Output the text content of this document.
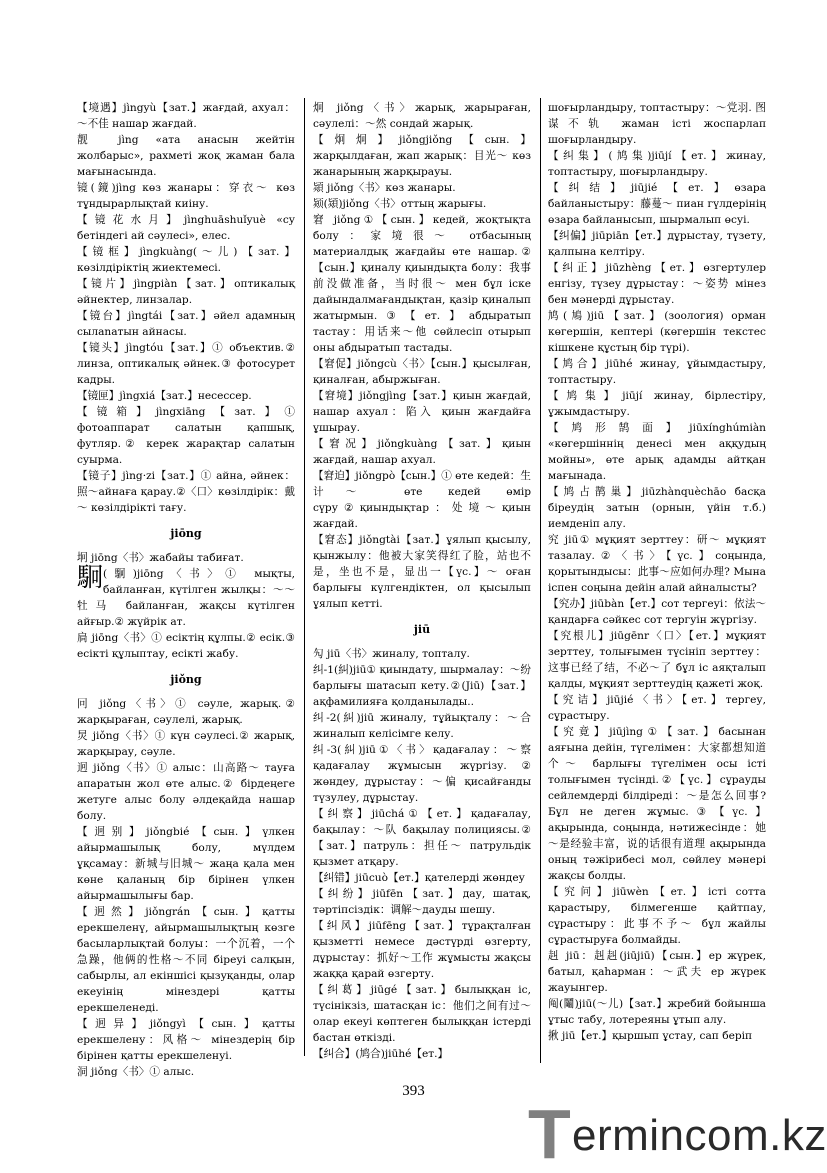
【境遇】jìngyù【зат.】жағдай, ахуал：～不佳 нашар жағдай.

靓 jìng «ата анасын жейтін жолбарыс», рахметі жоқ жаман бала мағынасында.

镜(鏡)jìng көз жанары：穿衣～ көз тұндырарлықтай киіну.

【镜花水月】jìnghuāshuǐyuè «су бетіндегі ай сәулесі», елес.

【镜框】jìngkuàng(～儿)【зат.】көзілдіріктің жиектемесі.

【镜片】jìngpiàn【зат.】оптикалық әйнектер, линзалар.

【镜台】jìngtái【зат.】әйел адамның сылаnатын айнасы.

【镜头】jìngtóu【зат.】① объектив.② линза, оптикалық әйнек.③ фотосурет кадры.

【镜匣】jìngxiá【зат.】несессер.

【镜箱】jìngxiāng【зат.】① фотоаппарат салатын қапшық, футляр.② керек жарақтар салатын суырма.

【镜子】jìng·zi【зат.】① айна, әйнек：照～айнаға қарау.②〈口〉көзілдірік：戴～ көзілдірікті тағу.

jiōng

坰 jiōng〈书〉жабайы табиғат.

駉 (駉)jiōng〈书〉① мықты, байланған, күтілген жылқы：～～牡马 байланған, жақсы күтілген айғыр.② жүйрік ат.

扃 jiōng〈书〉① есіктің құлпы.② есік.③ есікті құлыптау, есікті жабу.

jiǒng

冋 jiǒng〈书〉① сәуле, жарық.② жарқыраған, сәулелі, жарық.

炅 jiǒng〈书〉① күн сәулесі.② жарық, жарқырау, сәуле.

迥 jiǒng〈书〉① алыс：山高路～ тауға апаратын жол өте алыс.② бірдеңеге жетуге алыс болу әлдеқайда нашар болу.

【迥别】jiǒngbié【сын.】үлкен айырмашылық болу, мүлдем ұқсамау：新城与旧城～ жаңа қала мен көне қаланың бір бірінен үлкен айырмашылығы бар.

【迥然】jiǒngrán【сын.】қатты ерекшеленү, айырмашылықтың көзге басыларлықтай болуы：一个沉着，一个急躁，他俩的性格～不同 біреуі салқын, сабырлы, ал екіншісі қызуқанды, олар екеуінің мінездері қатты ерекшеленеді.

【迥异】jiǒngyì【сын.】қатты ерекшелену：风格～ мінездерің бір бірінен қатты ерекшеленуі.

洞 jiǒng〈书〉① алыс.

炯 jiǒng〈书〉жарық, жарыраған, сәулелі：～然 сондай жарық.

【炯炯】jiǒngjiǒng【сын.】жарқылдаған, жап жарық：目光～ көз жанарының жарқырауы.

熲 jiǒng〈书〉көз жанары.

颎(熲)jiǒng〈书〉оттың жарығы.

窘 jiǒng①【сын.】кедей, жоқтықта болу：家境很～ отбасының материалдық жағдайы өте нашар.②【сын.】қиналу қиындықта болу：我事前没做准备，当时很～ мен бұл іске дайындалмағандықтан, қазір қиналып жатырмын.③【ет.】абдыратып тастау：用话来～他 сөйлесіп отырып оны абдыратып тастады.

【窘促】jiǒngcù〈书〉【сын.】қысылған, қиналған, абыржыған.

【窘境】jiǒngjìng【зат.】қиын жағдай, нашар ахуал：陷入 қиын жағдайға ұшырау.

【窘况】jiǒngkuàng【зат.】қиын жағдай, нашар ахуал.

【窘迫】jiǒngpò【сын.】① өте кедей：生计～ өте кедей өмір сүру②қиындықтар：处境～қиын жағдай.

【窘态】jiǒngtài【зат.】ұялып қысылу, қынжылу：他被大家笑得红了脸，站也不是，坐也不是，显出一【үс.】～ оған барлығы күлгендіктен, ол қысылып ұялып кетті.

jiū

勼 jiū〈书〉жиналу, топталу.

纠-1(糾)jiū① қиындату, шырмалау：～纷 барлығы шатасып кету.②(Jiū)【зат.】ақфамилияға қолданылады..

纠-2(糾)jiū жиналу, тұйықталу：～合 жиналып келісімге келу.

纠-3(糾)jiū①〈书〉қадағалау：～察 қадағалау жұмысын жүргізу.② жөндеу, дұрыстау：～偏 қисайғанды түзулеу, дұрыстау.

【纠察】jiūchá①【ет.】қадағалау, бақылау：～队 бақылау полициясы.②【зат.】патруль：担任～ патрульдік қызмет атқару.

【纠错】jiūcuò【ет.】қателерді жөндеу

【纠纷】jiūfēn【зат.】дау, шатақ, тәртіпсіздік：调解～дауды шешу.

【纠风】jiūfēng【зат.】тұрақталған қызметті немесе дәстүрді өзгерту, дұрыстау：抓好～工作 жұмысты жақсы жаққа қарай өзгерту.

【纠葛】jiūgé【зат.】былыққан іс, түсінікзіз, шатасқан іс：他们之间有过～ олар екеуі көптеген былыққан істерді бастан өткізді.

【纠合】(鸠合)jiūhé【ет.】

шоғырландыру, топтастыру：～党羽. 图谋不轨 жаман істі жоспарлап шоғырландыру.

【纠集】(鸠集)jiūjí【ет.】жинау, топтастыру, шоғырландыру.

【纠结】jiūjié【ет.】өзара байланыстыру：藤蔓～ пиан гүлдерінің өзара байланысып, шырмалып өсуі.

【纠偏】jiūpiān【ет.】дұрыстау, түзету, қалпына келтіру.

【纠正】jiūzhèng【ет.】өзгертулер енгізу, түзеу дұрыстау：～姿势 мінез бен мәнерді дұрыстау.

鸠(鳩)jiū【зат.】(зоология) орман көгершін, кептері (көгершін текстес кішкене құстың бір түрі).

【鸠合】jiūhé жинау, ұйымдастыру, топтастыру.

【鸠集】jiūjí жинау, бірлестіру, ұжымдастыру.

【鸠形鹄面】jiūxínghúmiàn «көгершіннің денесі мен аққудың мойны», өте арық адамды айтқан мағынада.

【鸠占鹊巢】jiūzhànquèchāo басқа біреудің затын (орнын, үйін т.б.) иемденіп алу.

究 jiū① мұқият зерттеу：研～ мұқият тазалау.②〈书〉【үс.】соңында, қорытындысы：此事～应如何办理? Мына іспен соңына дейін алай айналысты?

【究办】jiūbàn【ет.】сот тергеуі：依法～ қандарға сәйкес сот тергуін жүргізу.

【究根儿】jiūgēnr〈口〉【ет.】мұқият зерттеу, толығымен түсініп зерттеу：这事已经了结，不必～了 бұл іс аяқталып қалды, мұқият зерттеудің қажеті жоқ.

【究诘】jiūjié〈书〉【ет.】тергеу, сұрастыру.

【究竟】jiūjìng①【зат.】басынан аяғына дейін, түгелімен：大家都想知道个～ барлығы түгелімен осы істі толығымен түсінді.②【үс.】сұрауды сейлемдерді білдіреді：～是怎么回事? Бұл не деген жұмыс.③【үс.】ақырында, соңында, нәтижесінде：她～是经验丰富，说的话很有道理 ақырында оның тәжірибесі мол, сөйлеу мәнері жақсы болды.

【究问】jiūwèn【ет.】істі сотта қарастыру, білмегенше қайтпау, сұрастыру：此事不予～ бұл жайлы сұрастыруға болмайды.

赳 jiū：赳赳(jiūjiū)【сын.】ер жүрек, батыл, қаһарман：～武夫 ер жүрек жауынгер.

阄(鬮)jiū(～儿)【зат.】жребий бойынша ұтыс табу, лотереяны ұтып алу.

揪 jiū【ет.】қыршып ұстау, сап беріп

393
T ermincom.kz
